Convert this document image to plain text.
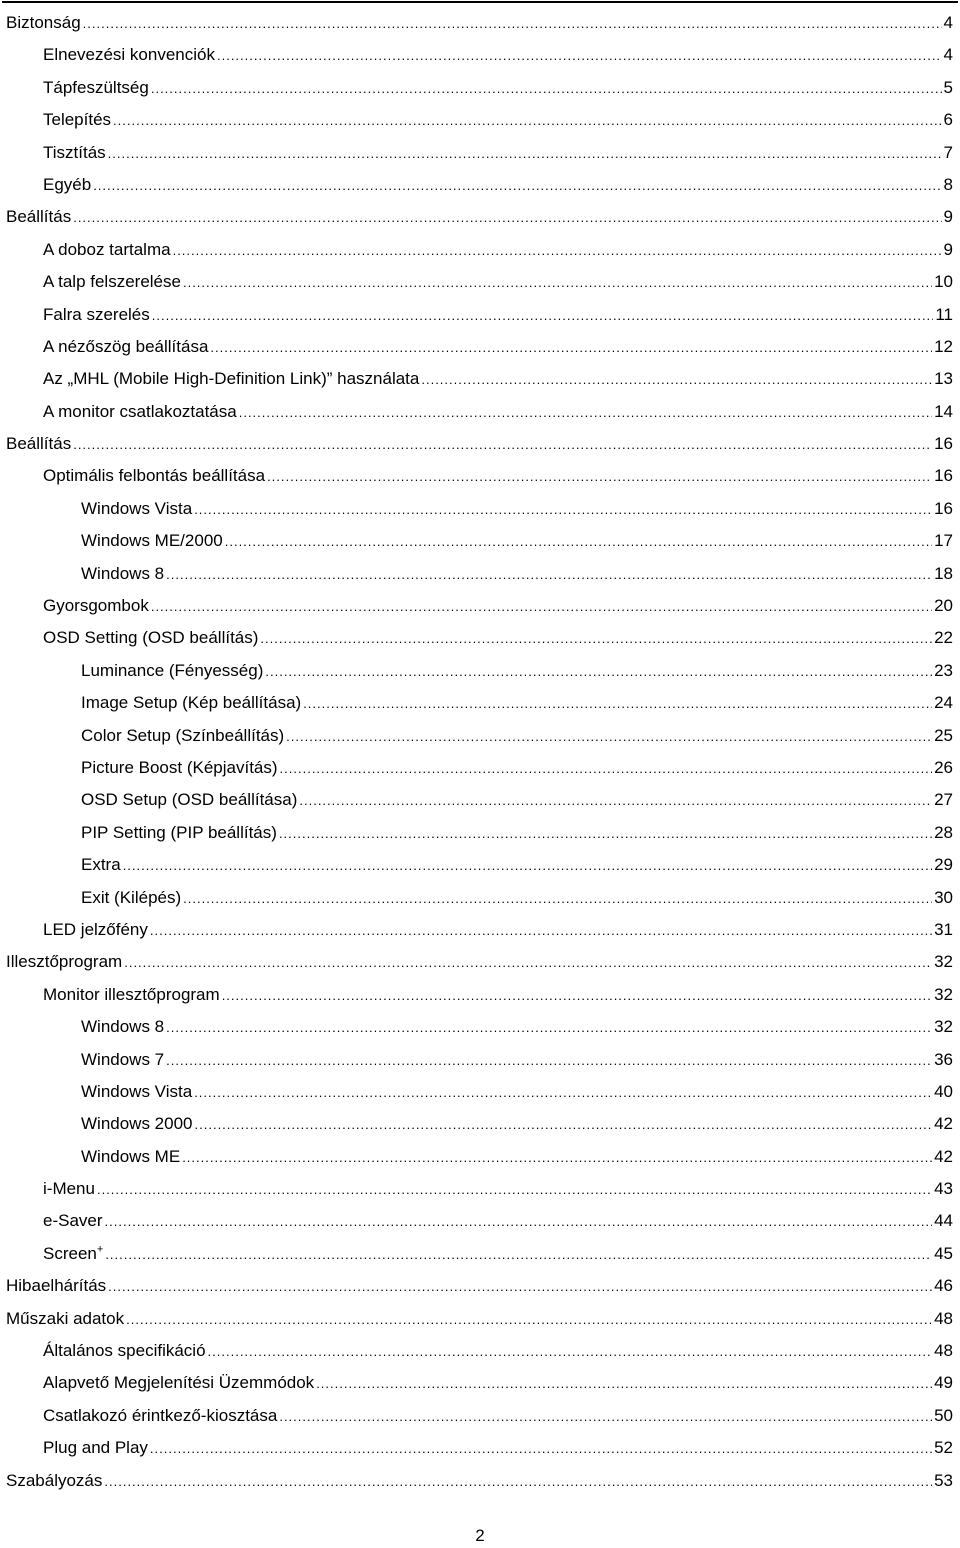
Biztonság .....	4
Elnevezési konvenciók .....	4
Tápfeszültség .....	5
Telepítés .....	6
Tisztítás .....	7
Egyéb .....	8
Beállítás .....	9
A doboz tartalma .....	9
A talp felszerelése .....	10
Falra szerelés .....	11
A nézőszög beállítása .....	12
Az „MHL (Mobile High-Definition Link)” használata .....	13
A monitor csatlakoztatása .....	14
Beállítás .....	16
Optimális felbontás beállítása .....	16
Windows Vista .....	16
Windows ME/2000 .....	17
Windows 8 .....	18
Gyorsgombok .....	20
OSD Setting (OSD beállítás) .....	22
Luminance (Fényesség) .....	23
Image Setup (Kép beállítása) .....	24
Color Setup (Színbeállítás) .....	25
Picture Boost (Képjavítás) .....	26
OSD Setup (OSD beállítása) .....	27
PIP Setting (PIP beállítás) .....	28
Extra .....	29
Exit (Kilépés) .....	30
LED jelzőfény .....	31
Illesztőprogram .....	32
Monitor illesztőprogram .....	32
Windows 8 .....	32
Windows 7 .....	36
Windows Vista .....	40
Windows 2000 .....	42
Windows ME .....	42
i-Menu .....	43
e-Saver .....	44
Screen+ .....	45
Hibaelhárítás .....	46
Műszaki adatok .....	48
Általános specifikáció .....	48
Alapvető Megjelenítési Üzemmódok .....	49
Csatlakozó érintkező-kiosztása .....	50
Plug and Play .....	52
Szabályozás .....	53
2
